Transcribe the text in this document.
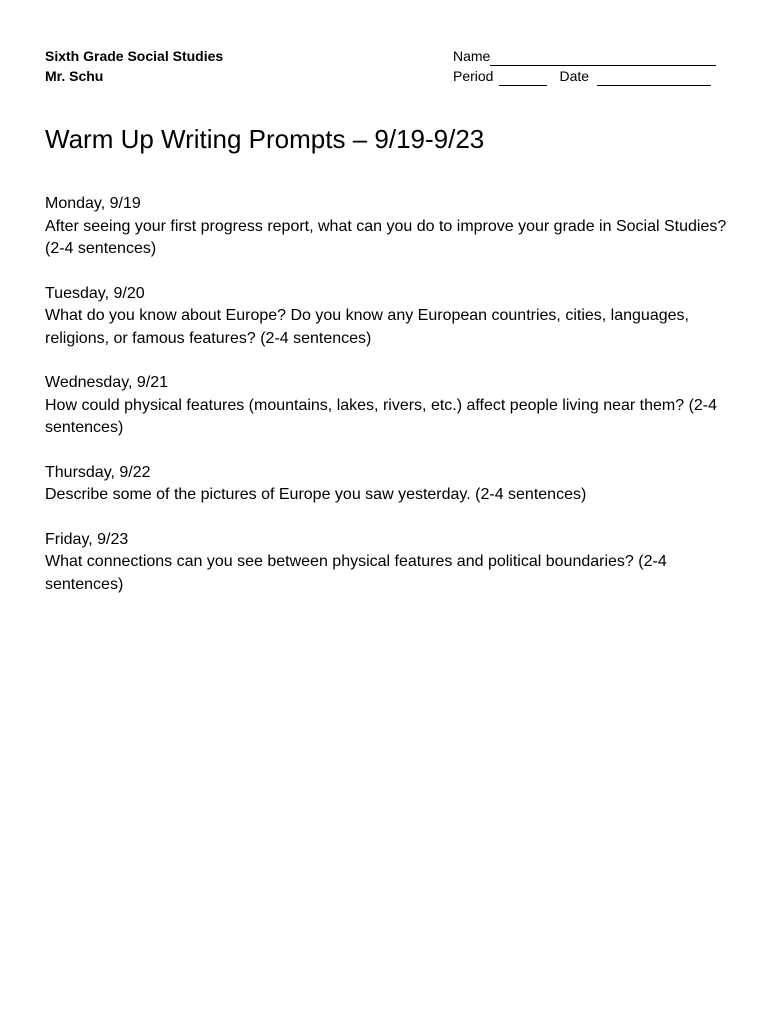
Sixth Grade Social Studies
Mr. Schu
Name
Period	Date
Warm Up Writing Prompts – 9/19-9/23
Monday, 9/19
After seeing your first progress report, what can you do to improve your grade in Social Studies? (2-4 sentences)
Tuesday, 9/20
What do you know about Europe? Do you know any European countries, cities, languages, religions, or famous features? (2-4 sentences)
Wednesday, 9/21
How could physical features (mountains, lakes, rivers, etc.) affect people living near them? (2-4 sentences)
Thursday, 9/22
Describe some of the pictures of Europe you saw yesterday. (2-4 sentences)
Friday, 9/23
What connections can you see between physical features and political boundaries? (2-4 sentences)
